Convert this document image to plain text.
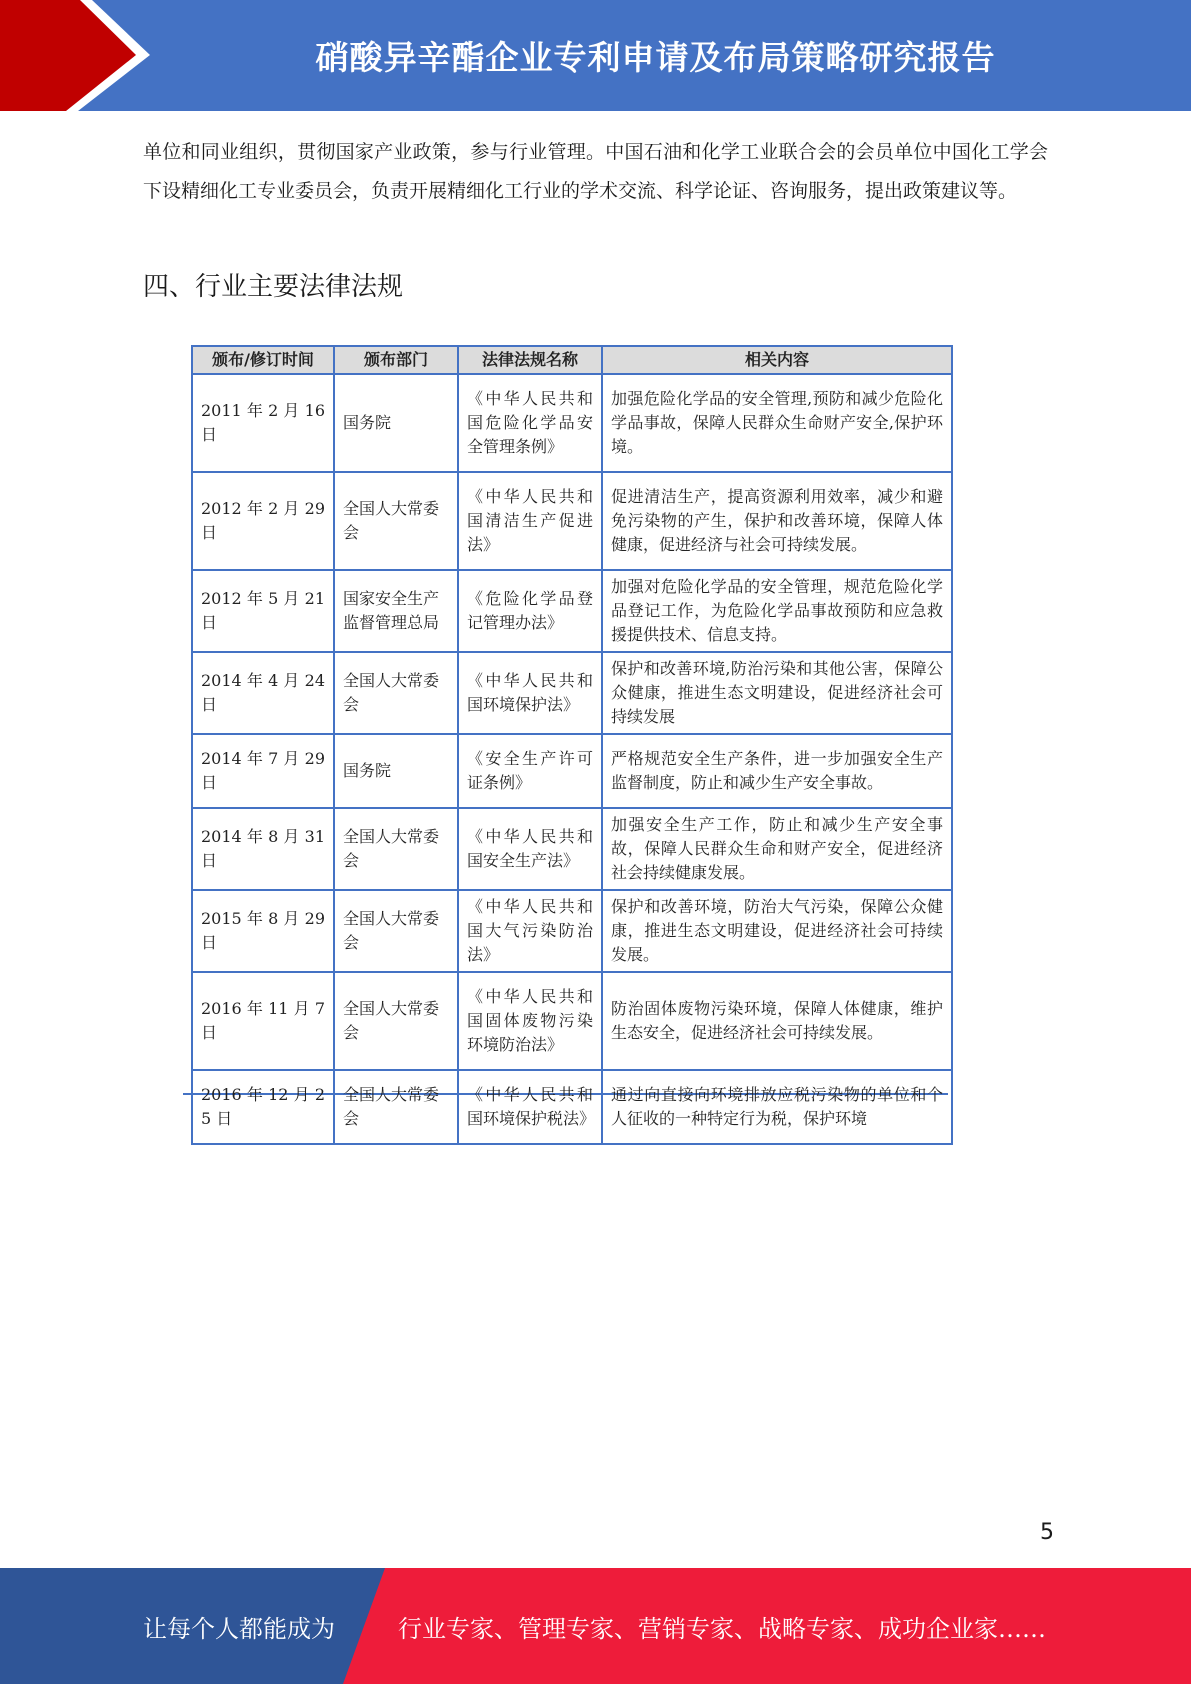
硝酸异辛酯企业专利申请及布局策略研究报告
单位和同业组织，贯彻国家产业政策，参与行业管理。中国石油和化学工业联合会的会员单位中国化工学会下设精细化工专业委员会，负责开展精细化工行业的学术交流、科学论证、咨询服务，提出政策建议等。
四、行业主要法律法规
颁布/修订时间	颁布部门	法律法规名称	相关内容
2011 年 2 月 16 日	国务院	《中华人民共和国危险化学品安全管理条例》	加强危险化学品的安全管理,预防和减少危险化学品事故，保障人民群众生命财产安全,保护环境。
2012 年 2 月 29 日	全国人大常委会	《中华人民共和国清洁生产促进法》	促进清洁生产，提高资源利用效率，减少和避免污染物的产生，保护和改善环境，保障人体健康，促进经济与社会可持续发展。
2012 年 5 月 21 日	国家安全生产监督管理总局	《危险化学品登记管理办法》	加强对危险化学品的安全管理，规范危险化学品登记工作，为危险化学品事故预防和应急救援提供技术、信息支持。
2014 年 4 月 24 日	全国人大常委会	《中华人民共和国环境保护法》	保护和改善环境,防治污染和其他公害，保障公众健康，推进生态文明建设，促进经济社会可持续发展
2014 年 7 月 29 日	国务院	《安全生产许可证条例》	严格规范安全生产条件，进一步加强安全生产监督制度，防止和减少生产安全事故。
2014 年 8 月 31 日	全国人大常委会	《中华人民共和国安全生产法》	加强安全生产工作，防止和减少生产安全事故，保障人民群众生命和财产安全，促进经济社会持续健康发展。
2015 年 8 月 29 日	全国人大常委会	《中华人民共和国大气污染防治法》	保护和改善环境，防治大气污染，保障公众健康，推进生态文明建设，促进经济社会可持续发展。
2016 年 11 月 7 日	全国人大常委会	《中华人民共和国固体废物污染环境防治法》	防治固体废物污染环境，保障人体健康，维护生态安全，促进经济社会可持续发展。
2016 年 12 月 25 日	全国人大常委会	《中华人民共和国环境保护税法》	通过向直接向环境排放应税污染物的单位和个人征收的一种特定行为税，保护环境
5
让每个人都能成为	行业专家、管理专家、营销专家、战略专家、成功企业家……
